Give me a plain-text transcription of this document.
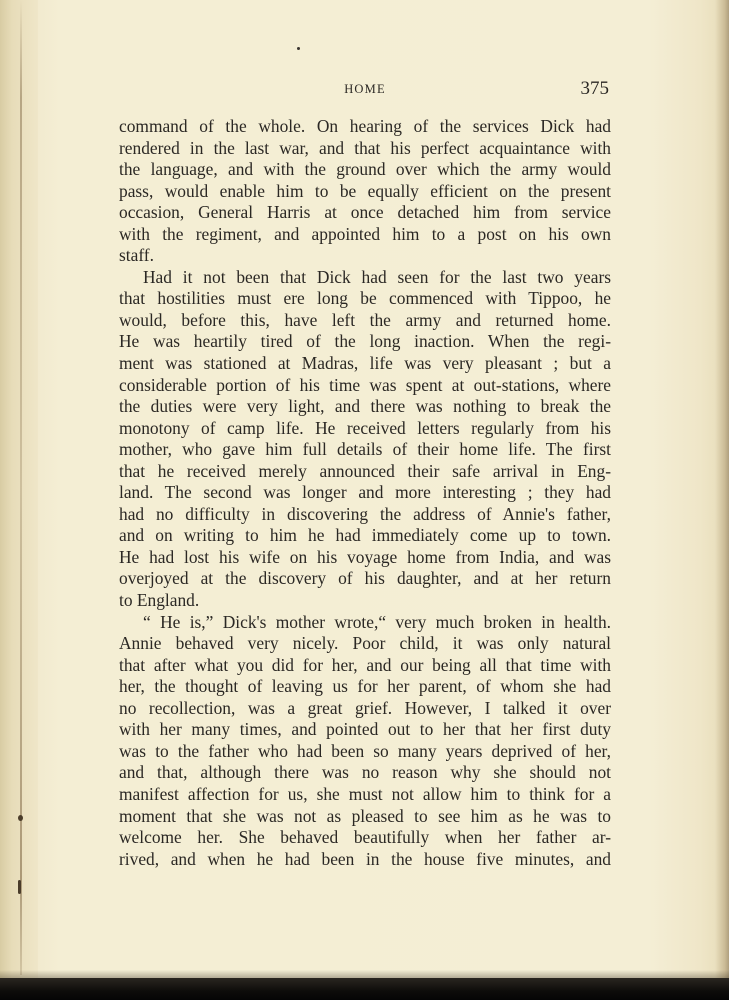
HOME	375
command of the whole. On hearing of the services Dick had
rendered in the last war, and that his perfect acquaintance with
the language, and with the ground over which the army would
pass, would enable him to be equally efficient on the present
occasion, General Harris at once detached him from service
with the regiment, and appointed him to a post on his own
staff.
Had it not been that Dick had seen for the last two years
that hostilities must ere long be commenced with Tippoo, he
would, before this, have left the army and returned home.
He was heartily tired of the long inaction. When the regi-
ment was stationed at Madras, life was very pleasant ; but a
considerable portion of his time was spent at out-stations, where
the duties were very light, and there was nothing to break the
monotony of camp life. He received letters regularly from his
mother, who gave him full details of their home life. The first
that he received merely announced their safe arrival in Eng-
land. The second was longer and more interesting ; they had
had no difficulty in discovering the address of Annie's father,
and on writing to him he had immediately come up to town.
He had lost his wife on his voyage home from India, and was
overjoyed at the discovery of his daughter, and at her return
to England.
“ He is,” Dick's mother wrote,“ very much broken in health.
Annie behaved very nicely. Poor child, it was only natural
that after what you did for her, and our being all that time with
her, the thought of leaving us for her parent, of whom she had
no recollection, was a great grief. However, I talked it over
with her many times, and pointed out to her that her first duty
was to the father who had been so many years deprived of her,
and that, although there was no reason why she should not
manifest affection for us, she must not allow him to think for a
moment that she was not as pleased to see him as he was to
welcome her. She behaved beautifully when her father ar-
rived, and when he had been in the house five minutes, and
